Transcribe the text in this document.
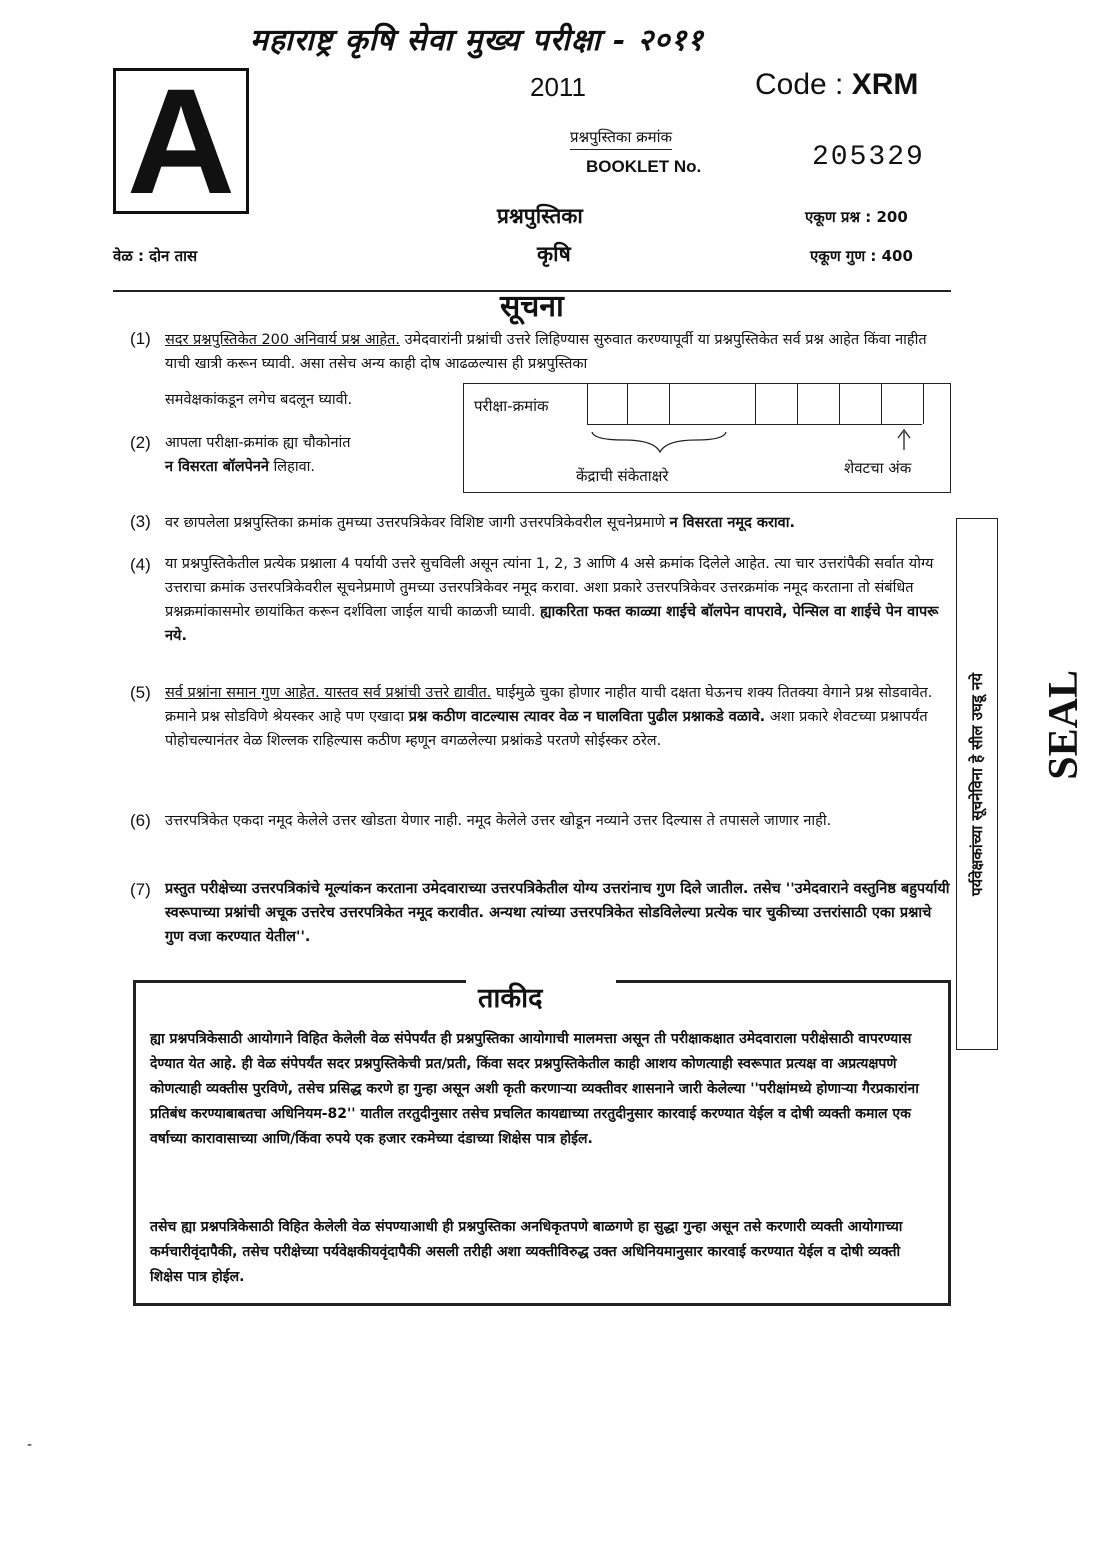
महाराष्ट्र कृषि सेवा मुख्य परीक्षा - २०११
A	2011	Code : XRM
प्रश्नपुस्तिका क्रमांक
BOOKLET No.	205329
प्रश्नपुस्तिका	एकूण प्रश्न : 200
वेळ : दोन तास	कृषि	एकूण गुण : 400
सूचना
(1) सदर प्रश्नपुस्तिकेत 200 अनिवार्य प्रश्न आहेत. उमेदवारांनी प्रश्नांची उत्तरे लिहिण्यास सुरुवात करण्यापूर्वी या प्रश्नपुस्तिकेत सर्व प्रश्न आहेत किंवा नाहीत याची खात्री करून घ्यावी. असा तसेच अन्य काही दोष आढळल्यास ही प्रश्नपुस्तिका
समवेक्षकांकडून लगेच बदलून घ्यावी.
(2) आपला परीक्षा-क्रमांक ह्या चौकोनांत
न विसरता बॉलपेनने लिहावा.
परीक्षा-क्रमांक
केंद्राची संकेताक्षरे	शेवटचा अंक
(3) वर छापलेला प्रश्नपुस्तिका क्रमांक तुमच्या उत्तरपत्रिकेवर विशिष्ट जागी उत्तरपत्रिकेवरील सूचनेप्रमाणे न विसरता नमूद करावा.
(4) या प्रश्नपुस्तिकेतील प्रत्येक प्रश्नाला 4 पर्यायी उत्तरे सुचविली असून त्यांना 1, 2, 3 आणि 4 असे क्रमांक दिलेले आहेत. त्या चार उत्तरांपैकी सर्वात योग्य उत्तराचा क्रमांक उत्तरपत्रिकेवरील सूचनेप्रमाणे तुमच्या उत्तरपत्रिकेवर नमूद करावा. अशा प्रकारे उत्तरपत्रिकेवर उत्तरक्रमांक नमूद करताना तो संबंधित प्रश्नक्रमांकासमोर छायांकित करून दर्शविला जाईल याची काळजी घ्यावी. ह्याकरिता फक्त काळ्या शाईचे बॉलपेन वापरावे, पेन्सिल वा शाईचे पेन वापरू नये.
(5) सर्व प्रश्नांना समान गुण आहेत. यास्तव सर्व प्रश्नांची उत्तरे द्यावीत. घाईमुळे चुका होणार नाहीत याची दक्षता घेऊनच शक्य तितक्या वेगाने प्रश्न सोडवावेत. क्रमाने प्रश्न सोडविणे श्रेयस्कर आहे पण एखादा प्रश्न कठीण वाटल्यास त्यावर वेळ न घालविता पुढील प्रश्नाकडे वळावे. अशा प्रकारे शेवटच्या प्रश्नापर्यंत पोहोचल्यानंतर वेळ शिल्लक राहिल्यास कठीण म्हणून वगळलेल्या प्रश्नांकडे परतणे सोईस्कर ठरेल.
(6) उत्तरपत्रिकेत एकदा नमूद केलेले उत्तर खोडता येणार नाही. नमूद केलेले उत्तर खोडून नव्याने उत्तर दिल्यास ते तपासले जाणार नाही.
(7) प्रस्तुत परीक्षेच्या उत्तरपत्रिकांचे मूल्यांकन करताना उमेदवाराच्या उत्तरपत्रिकेतील योग्य उत्तरांनाच गुण दिले जातील. तसेच ''उमेदवाराने वस्तुनिष्ठ बहुपर्यायी स्वरूपाच्या प्रश्नांची अचूक उत्तरेच उत्तरपत्रिकेत नमूद करावीत. अन्यथा त्यांच्या उत्तरपत्रिकेत सोडविलेल्या प्रत्येक चार चुकीच्या उत्तरांसाठी एका प्रश्नाचे गुण वजा करण्यात येतील''.
पर्यवेक्षकांच्या सूचनेविना हे सील उघडू नये SEAL
ताकीद
ह्या प्रश्नपत्रिकेसाठी आयोगाने विहित केलेली वेळ संपेपर्यंत ही प्रश्नपुस्तिका आयोगाची मालमत्ता असून ती परीक्षाकक्षात उमेदवाराला परीक्षेसाठी वापरण्यास देण्यात येत आहे. ही वेळ संपेपर्यंत सदर प्रश्नपुस्तिकेची प्रत/प्रती, किंवा सदर प्रश्नपुस्तिकेतील काही आशय कोणत्याही स्वरूपात प्रत्यक्ष वा अप्रत्यक्षपणे कोणत्याही व्यक्तीस पुरविणे, तसेच प्रसिद्ध करणे हा गुन्हा असून अशी कृती करणाऱ्या व्यक्तीवर शासनाने जारी केलेल्या ''परीक्षांमध्ये होणाऱ्या गैरप्रकारांना प्रतिबंध करण्याबाबतचा अधिनियम-82'' यातील तरतुदीनुसार तसेच प्रचलित कायद्याच्या तरतुदीनुसार कारवाई करण्यात येईल व दोषी व्यक्ती कमाल एक वर्षाच्या कारावासाच्या आणि/किंवा रुपये एक हजार रकमेच्या दंडाच्या शिक्षेस पात्र होईल.
तसेच ह्या प्रश्नपत्रिकेसाठी विहित केलेली वेळ संपण्याआधी ही प्रश्नपुस्तिका अनधिकृतपणे बाळगणे हा सुद्धा गुन्हा असून तसे करणारी व्यक्ती आयोगाच्या कर्मचारीवृंदापैकी, तसेच परीक्षेच्या पर्यवेक्षकीयवृंदापैकी असली तरीही अशा व्यक्तीविरुद्ध उक्त अधिनियमानुसार कारवाई करण्यात येईल व दोषी व्यक्ती शिक्षेस पात्र होईल.
-
